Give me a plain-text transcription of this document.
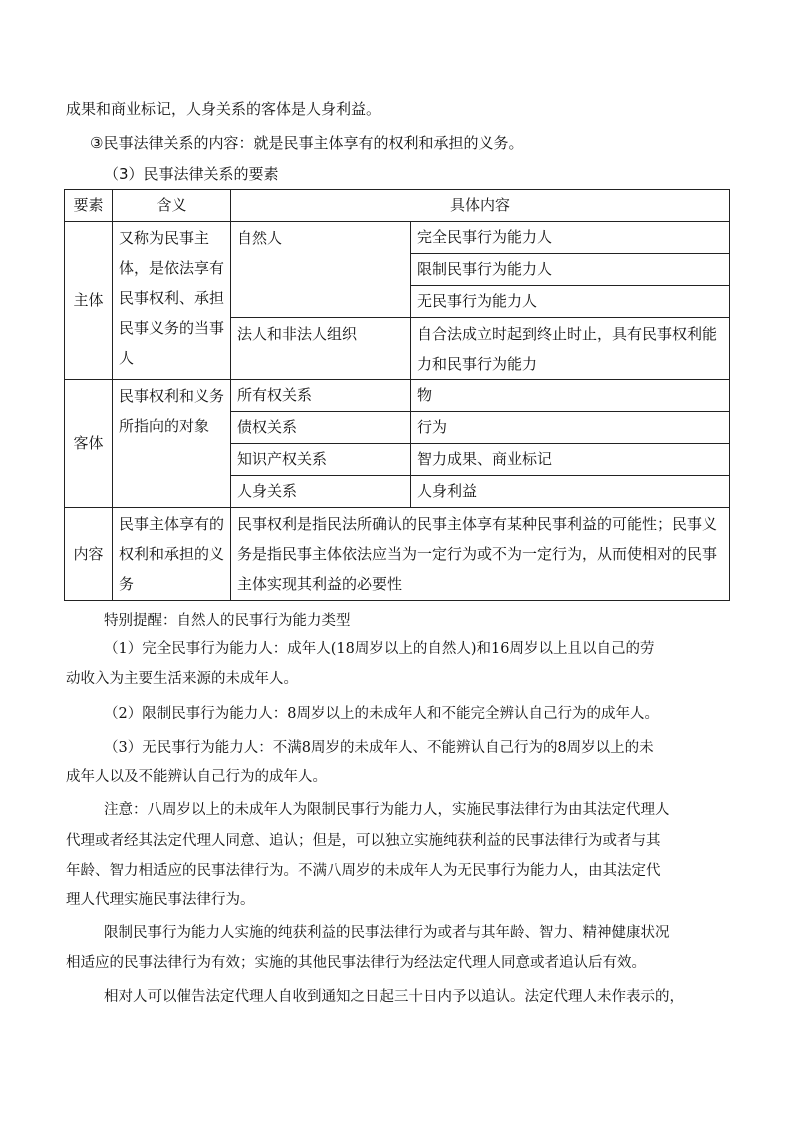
成果和商业标记，人身关系的客体是人身利益。
③民事法律关系的内容：就是民事主体享有的权利和承担的义务。
（3）民事法律关系的要素
要素	含义	具体内容	
主体	又称为民事主体，是依法享有民事权利、承担民事义务的当事人	自然人	完全民事行为能力人
			限制民事行为能力人
			无民事行为能力人
		法人和非法人组织	自合法成立时起到终止时止，具有民事权利能力和民事行为能力
客体	民事权利和义务所指向的对象	所有权关系	物
		债权关系	行为
		知识产权关系	智力成果、商业标记
		人身关系	人身利益
内容	民事主体享有的权利和承担的义务	民事权利是指民法所确认的民事主体享有某种民事利益的可能性；民事义务是指民事主体依法应当为一定行为或不为一定行为，从而使相对的民事主体实现其利益的必要性	
特别提醒：自然人的民事行为能力类型
（1）完全民事行为能力人：成年人(18周岁以上的自然人)和16周岁以上且以自己的劳
动收入为主要生活来源的未成年人。
（2）限制民事行为能力人：8周岁以上的未成年人和不能完全辨认自己行为的成年人。
（3）无民事行为能力人：不满8周岁的未成年人、不能辨认自己行为的8周岁以上的未
成年人以及不能辨认自己行为的成年人。
注意：八周岁以上的未成年人为限制民事行为能力人，实施民事法律行为由其法定代理人
代理或者经其法定代理人同意、追认；但是，可以独立实施纯获利益的民事法律行为或者与其
年龄、智力相适应的民事法律行为。不满八周岁的未成年人为无民事行为能力人，由其法定代
理人代理实施民事法律行为。
限制民事行为能力人实施的纯获利益的民事法律行为或者与其年龄、智力、精神健康状况
相适应的民事法律行为有效；实施的其他民事法律行为经法定代理人同意或者追认后有效。
相对人可以催告法定代理人自收到通知之日起三十日内予以追认。法定代理人未作表示的，
